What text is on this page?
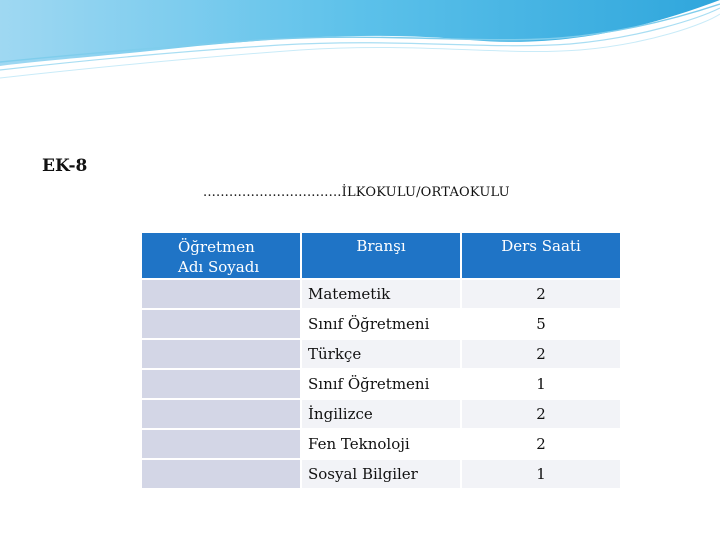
EK-8
................................İLKOKULU/ORTAOKULU
Öğretmen
Adı Soyadı	Branşı	Ders Saati
	Matemetik	2
	Sınıf Öğretmeni	5
	Türkçe	2
	Sınıf Öğretmeni	1
	İngilizce	2
	Fen Teknoloji	2
	Sosyal Bilgiler	1
